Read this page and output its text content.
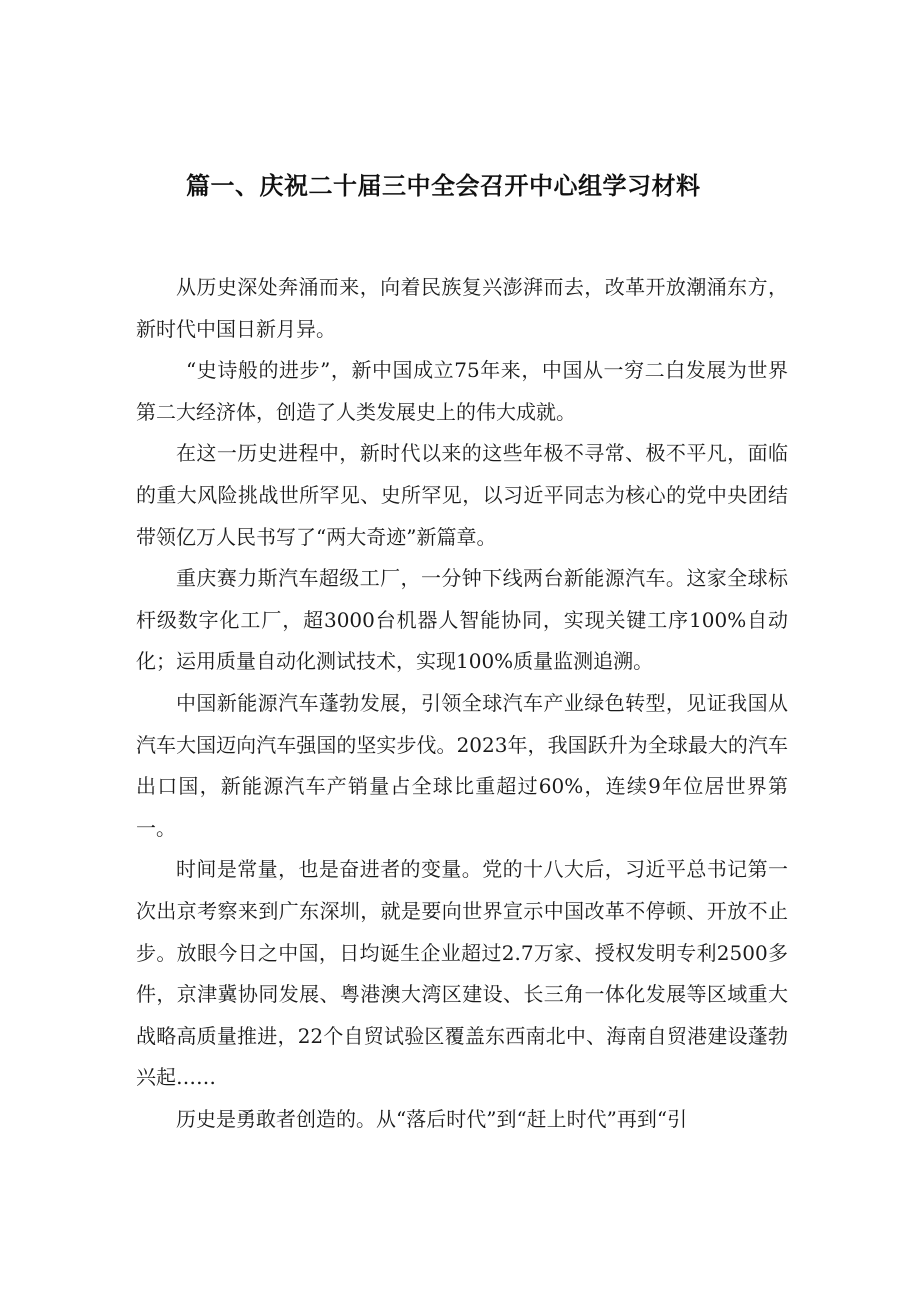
篇一、庆祝二十届三中全会召开中心组学习材料

从历史深处奔涌而来，向着民族复兴澎湃而去，改革开放潮涌东方，新时代中国日新月异。

“史诗般的进步”，新中国成立75年来，中国从一穷二白发展为世界第二大经济体，创造了人类发展史上的伟大成就。

在这一历史进程中，新时代以来的这些年极不寻常、极不平凡，面临的重大风险挑战世所罕见、史所罕见，以习近平同志为核心的党中央团结带领亿万人民书写了“两大奇迹”新篇章。

重庆赛力斯汽车超级工厂，一分钟下线两台新能源汽车。这家全球标杆级数字化工厂，超3000台机器人智能协同，实现关键工序100%自动化；运用质量自动化测试技术，实现100%质量监测追溯。

中国新能源汽车蓬勃发展，引领全球汽车产业绿色转型，见证我国从汽车大国迈向汽车强国的坚实步伐。2023年，我国跃升为全球最大的汽车出口国，新能源汽车产销量占全球比重超过60%，连续9年位居世界第一。

时间是常量，也是奋进者的变量。党的十八大后，习近平总书记第一次出京考察来到广东深圳，就是要向世界宣示中国改革不停顿、开放不止步。放眼今日之中国，日均诞生企业超过2.7万家、授权发明专利2500多件，京津冀协同发展、粤港澳大湾区建设、长三角一体化发展等区域重大战略高质量推进，22个自贸试验区覆盖东西南北中、海南自贸港建设蓬勃兴起……

历史是勇敢者创造的。从“落后时代”到“赶上时代”再到“引
